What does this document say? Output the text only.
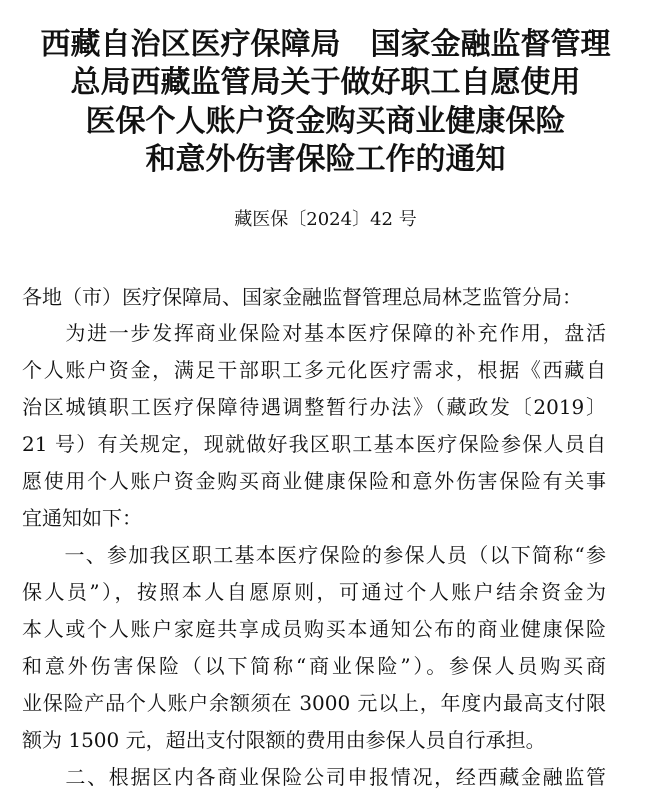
西藏自治区医疗保障局　国家金融监督管理
总局西藏监管局关于做好职工自愿使用
医保个人账户资金购买商业健康保险
和意外伤害保险工作的通知
藏医保〔2024〕42 号
各地（市）医疗保障局、国家金融监督管理总局林芝监管分局：
　　为进一步发挥商业保险对基本医疗保障的补充作用，盘活
个人账户资金，满足干部职工多元化医疗需求，根据《西藏自
治区城镇职工医疗保障待遇调整暂行办法》（藏政发〔2019〕
21 号）有关规定，现就做好我区职工基本医疗保险参保人员自
愿使用个人账户资金购买商业健康保险和意外伤害保险有关事
宜通知如下：
　　一、参加我区职工基本医疗保险的参保人员（以下简称“参
保人员”），按照本人自愿原则，可通过个人账户结余资金为
本人或个人账户家庭共享成员购买本通知公布的商业健康保险
和意外伤害保险（以下简称“商业保险”）。参保人员购买商
业保险产品个人账户余额须在 3000 元以上，年度内最高支付限
额为 1500 元，超出支付限额的费用由参保人员自行承担。
　　二、根据区内各商业保险公司申报情况，经西藏金融监管
